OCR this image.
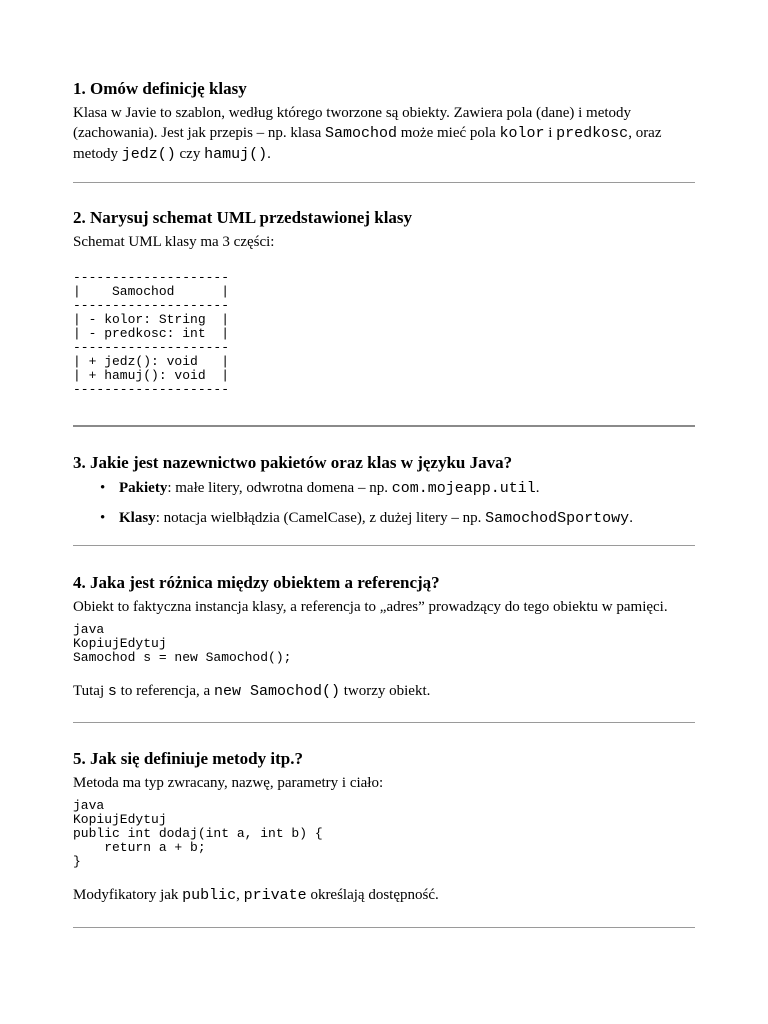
1. Omów definicję klasy

Klasa w Javie to szablon, według którego tworzone są obiekty. Zawiera pola (dane) i metody (zachowania). Jest jak przepis – np. klasa Samochod może mieć pola kolor i predkosc, oraz metody jedz() czy hamuj().

2. Narysuj schemat UML przedstawionej klasy

Schemat UML klasy ma 3 części:

--------------------
|    Samochod      |
--------------------
| - kolor: String  |
| - predkosc: int  |
--------------------
| + jedz(): void   |
| + hamuj(): void  |
--------------------
3. Jakie jest nazewnictwo pakietów oraz klas w języku Java?
• Pakiety: małe litery, odwrotna domena – np. com.mojeapp.util.
• Klasy: notacja wielbłądzia (CamelCase), z dużej litery – np. SamochodSportowy.
4. Jaka jest różnica między obiektem a referencją?

Obiekt to faktyczna instancja klasy, a referencja to „adres” prowadzący do tego obiektu w pamięci.

java
KopiujEdytuj
Samochod s = new Samochod();

Tutaj s to referencja, a new Samochod() tworzy obiekt.

5. Jak się definiuje metody itp.?

Metoda ma typ zwracany, nazwę, parametry i ciało:

java
KopiujEdytuj
public int dodaj(int a, int b) {
return a + b;
}

Modyfikatory jak public, private określają dostępność.
